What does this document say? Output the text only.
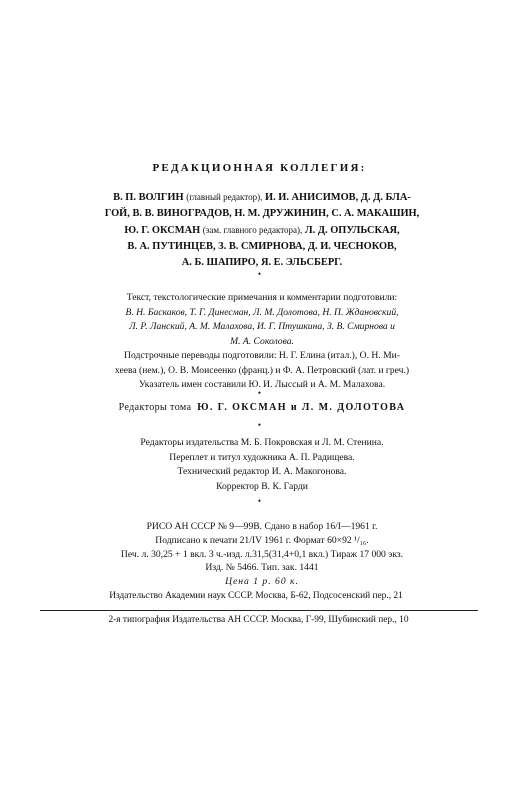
РЕДАКЦИОННАЯ КОЛЛЕГИЯ:
В. П. ВОЛГИН (главный редактор), И. И. АНИСИМОВ, Д. Д. БЛА-
ГОЙ, В. В. ВИНОГРАДОВ, Н. М. ДРУЖИНИН, С. А. МАКАШИН,
Ю. Г. ОКСМАН (зам. главного редактора), Л. Д. ОПУЛЬСКАЯ,
В. А. ПУТИНЦЕВ, З. В. СМИРНОВА, Д. И. ЧЕСНОКОВ,
А. Б. ШАПИРО, Я. Е. ЭЛЬСБЕРГ.
•
Текст, текстологические примечания и комментарии подготовили:
В. Н. Баскаков, Т. Г. Динесман, Л. М. Долотова, Н. П. Ждановский,
Л. Р. Ланский, А. М. Малахова, И. Г. Птушкина, З. В. Смирнова и
М. А. Соколова.
Подстрочные переводы подготовили: Н. Г. Елина (итал.), О. Н. Ми-
хеева (нем.), О. В. Моисеенко (франц.) и Ф. А. Петровский (лат. и греч.)
Указатель имен составили Ю. И. Лыссый и А. М. Малахова.
•
Редакторы тома Ю. Г. ОКСМАН и Л. М. ДОЛОТОВА
•
Редакторы издательства М. Б. Покровская и Л. М. Стенина.
Переплет и титул художника А. П. Радищева.
Технический редактор И. А. Макогонова.
Корректор В. К. Гарди
•
РИСО АН СССР № 9—99В. Сдано в набор 16/I—1961 г.
Подписано к печати 21/IV 1961 г. Формат 60×92 ¹/₁₆.
Печ. л. 30,25 + 1 вкл. 3 ч.-изд. л.31,5(31,4+0,1 вкл.) Тираж 17 000 экз.
Изд. № 5466. Тип. зак. 1441
Цена 1 р. 60 к.
Издательство Академии наук СССР. Москва, Б-62, Подсосенский пер., 21
2-я типография Издательства АН СССР. Москва, Г-99, Шубинский пер., 10
